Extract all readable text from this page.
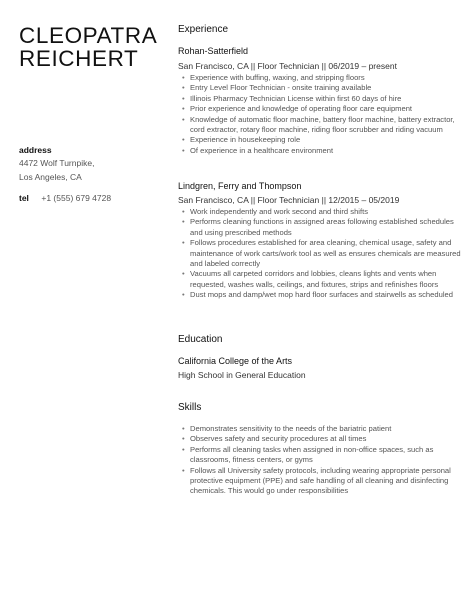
CLEOPATRA
REICHERT
address
4472 Wolf Turnpike,
Los Angeles, CA
tel +1 (555) 679 4728
Experience
Rohan-Satterfield
San Francisco, CA || Floor Technician || 06/2019 – present
• Experience with buffing, waxing, and stripping floors
• Entry Level Floor Technician - onsite training available
• Illinois Pharmacy Technician License within first 60 days of hire
• Prior experience and knowledge of operating floor care equipment
• Knowledge of automatic floor machine, battery floor machine, battery extractor, cord extractor, rotary floor machine, riding floor scrubber and riding vacuum
• Experience in housekeeping role
• Of experience in a healthcare environment
Lindgren, Ferry and Thompson
San Francisco, CA || Floor Technician || 12/2015 – 05/2019
• Work independently and work second and third shifts
• Performs cleaning functions in assigned areas following established schedules and using prescribed methods
• Follows procedures established for area cleaning, chemical usage, safety and maintenance of work carts/work tool as well as ensures chemicals are measured and labeled correctly
• Vacuums all carpeted corridors and lobbies, cleans lights and vents when requested, washes walls, ceilings, and fixtures, strips and refinishes floors
• Dust mops and damp/wet mop hard floor surfaces and stairwells as scheduled
Education
California College of the Arts
High School in General Education
Skills
• Demonstrates sensitivity to the needs of the bariatric patient
• Observes safety and security procedures at all times
• Performs all cleaning tasks when assigned in non-office spaces, such as classrooms, fitness centers, or gyms
• Follows all University safety protocols, including wearing appropriate personal protective equipment (PPE) and safe handling of all cleaning and disinfecting chemicals. This would go under responsibilities
